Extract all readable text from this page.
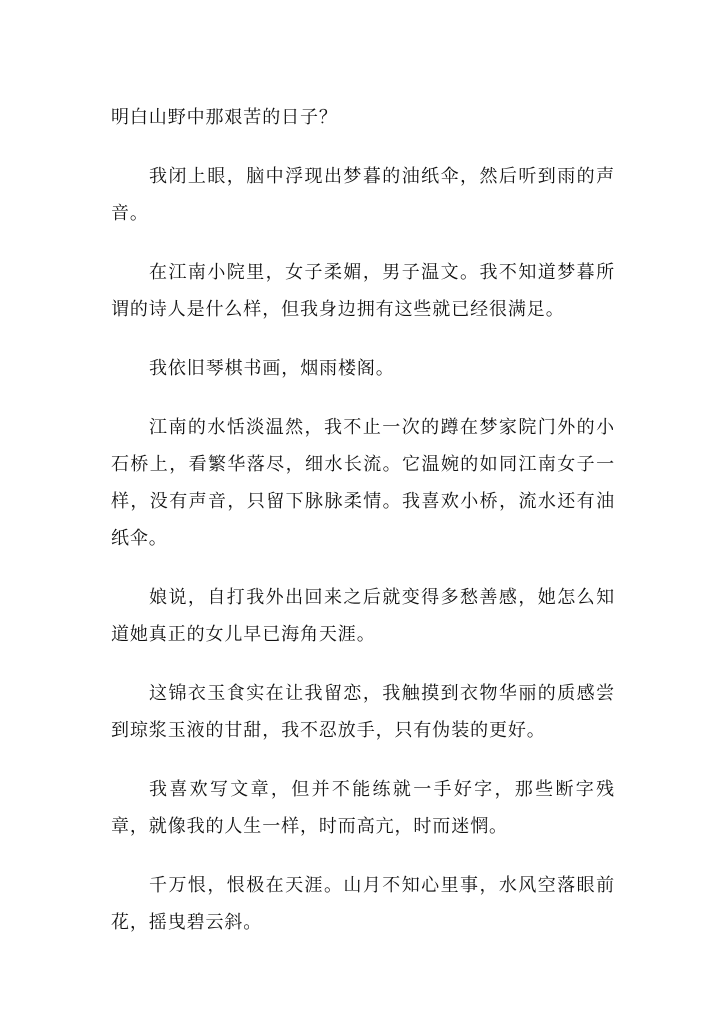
明白山野中那艰苦的日子？

我闭上眼，脑中浮现出梦暮的油纸伞，然后听到雨的声音。

在江南小院里，女子柔媚，男子温文。我不知道梦暮所谓的诗人是什么样，但我身边拥有这些就已经很满足。

我依旧琴棋书画，烟雨楼阁。

江南的水恬淡温然，我不止一次的蹲在梦家院门外的小石桥上，看繁华落尽，细水长流。它温婉的如同江南女子一样，没有声音，只留下脉脉柔情。我喜欢小桥，流水还有油纸伞。

娘说，自打我外出回来之后就变得多愁善感，她怎么知道她真正的女儿早已海角天涯。

这锦衣玉食实在让我留恋，我触摸到衣物华丽的质感尝到琼浆玉液的甘甜，我不忍放手，只有伪装的更好。

我喜欢写文章，但并不能练就一手好字，那些断字残章，就像我的人生一样，时而高亢，时而迷惘。

千万恨，恨极在天涯。山月不知心里事，水风空落眼前花，摇曳碧云斜。
